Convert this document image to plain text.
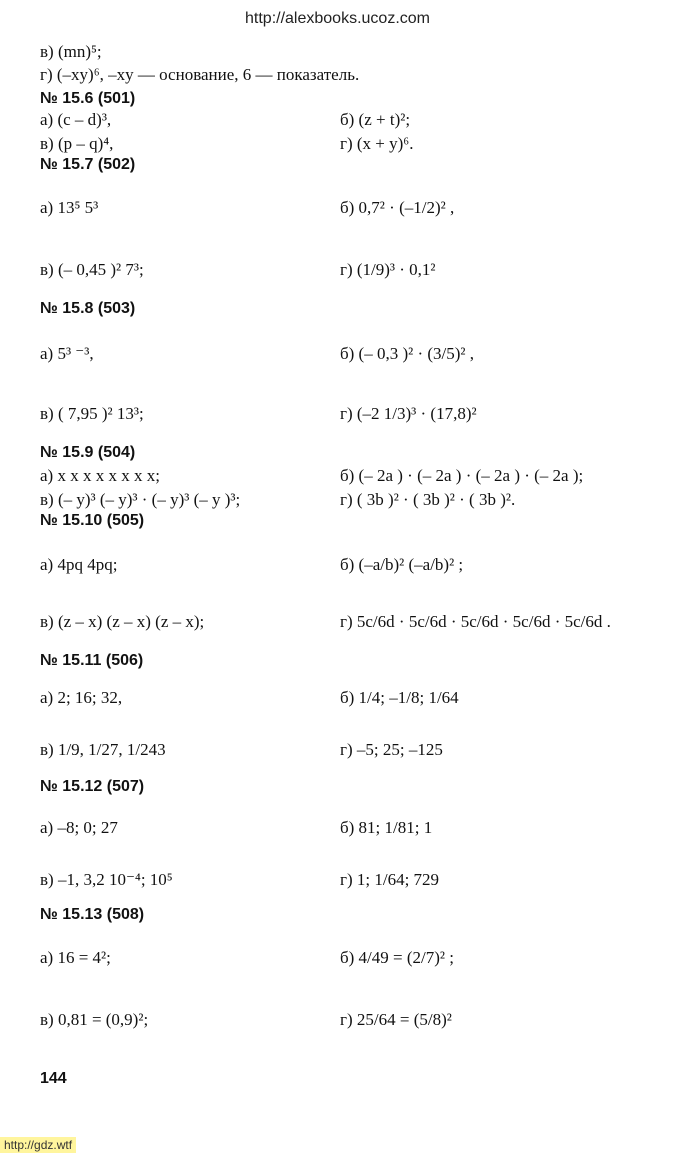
http://alexbooks.ucoz.com
в) (mn)⁵;
г) (–xy)⁶, –xy — основание, 6 — показатель.
№ 15.6 (501)
а) (c – d)³,	б) (z + t)²;
в) (p – q)⁴,	г) (x + y)⁶.
№ 15.7 (502)
а) 13⁵ 5³	б) 0,7² · (–1/2)² ,
в) (– 0,45 )² 7³;	г) (1/9)³ · 0,1²
№ 15.8 (503)
а) 5³ ⁻³,	б) (– 0,3 )² · (3/5)² ,
в) ( 7,95 )² 13³;	г) (–2 1/3)³ · (17,8)²
№ 15.9 (504)
а) x x x x x x x x;	б) (– 2a ) · (– 2a ) · (– 2a ) · (– 2a );
в) (– y)³ (– y)³ · (– y)³ (– y )³;	г) ( 3b )² · ( 3b )² · ( 3b )².
№ 15.10 (505)
а) 4pq 4pq;	б) (–a/b)² (–a/b)² ;
в) (z – x) (z – x) (z – x);	г) 5c/6d · 5c/6d · 5c/6d · 5c/6d · 5c/6d .
№ 15.11 (506)
а) 2; 16; 32,	б) 1/4; –1/8; 1/64
в) 1/9, 1/27, 1/243	г) –5; 25; –125
№ 15.12 (507)
а) –8; 0; 27	б) 81; 1/81; 1
в) –1, 3,2 10⁻⁴; 10⁵	г) 1; 1/64; 729
№ 15.13 (508)
а) 16 = 4²;	б) 4/49 = (2/7)² ;
в) 0,81 = (0,9)²;	г) 25/64 = (5/8)²
144
http://gdz.wtf
